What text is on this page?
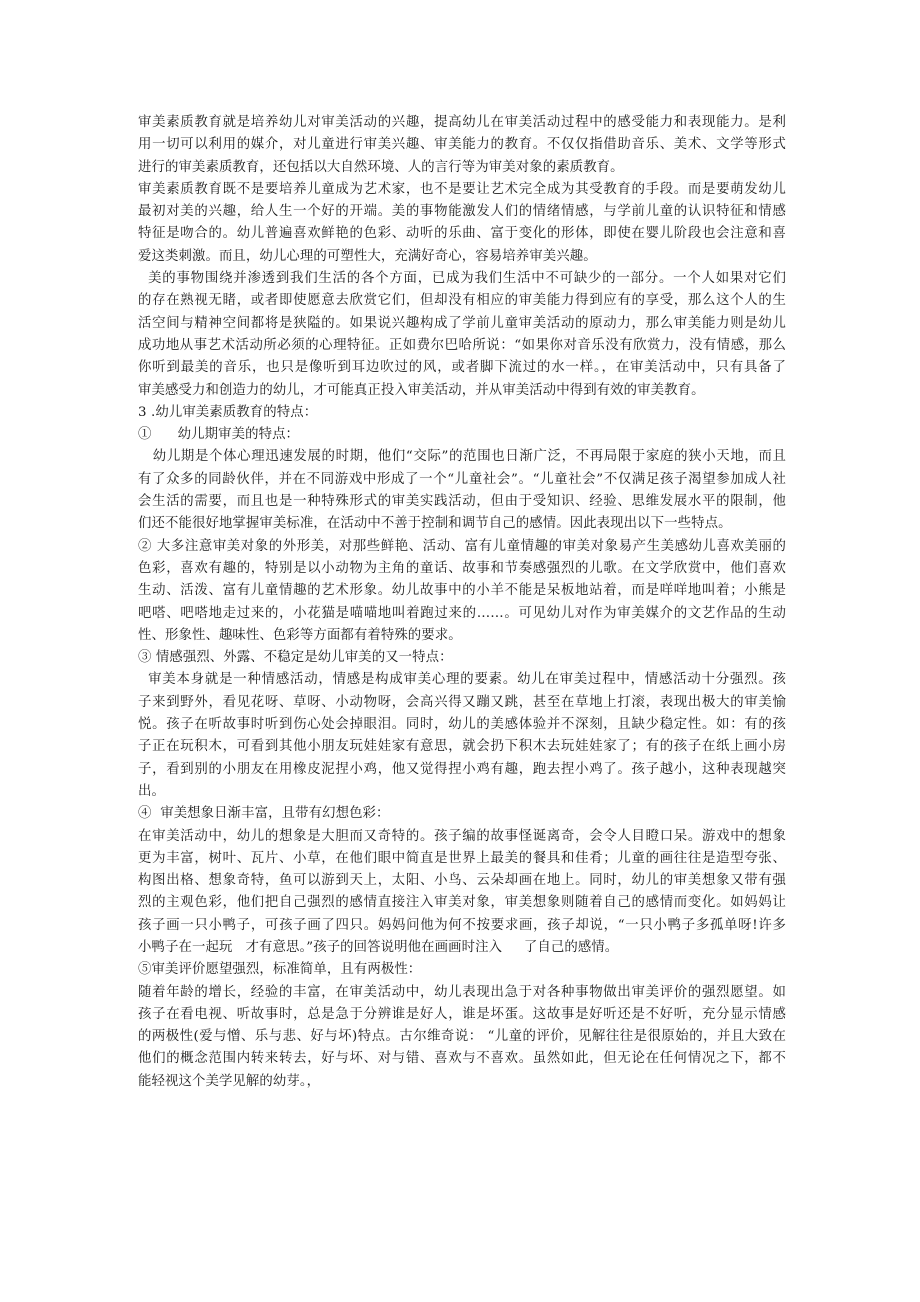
审美素质教育就是培养幼儿对审美活动的兴趣，提高幼儿在审美活动过程中的感受能力和表现能力。是利
用一切可以利用的媒介，对儿童进行审美兴趣、审美能力的教育。不仅仅指借助音乐、美术、文学等形式
进行的审美素质教育，还包括以大自然环境、人的言行等为审美对象的素质教育。
审美素质教育既不是要培养儿童成为艺术家，也不是要让艺术完全成为其受教育的手段。而是要萌发幼儿
最初对美的兴趣，给人生一个好的开端。美的事物能激发人们的情绪情感，与学前儿童的认识特征和情感
特征是吻合的。幼儿普遍喜欢鲜艳的色彩、动听的乐曲、富于变化的形体，即使在婴儿阶段也会注意和喜
爱这类刺激。而且，幼儿心理的可塑性大，充满好奇心，容易培养审美兴趣。
美的事物围绕并渗透到我们生活的各个方面，已成为我们生活中不可缺少的一部分。一个人如果对它们
的存在熟视无睹，或者即使愿意去欣赏它们，但却没有相应的审美能力得到应有的享受，那么这个人的生
活空间与精神空间都将是狭隘的。如果说兴趣构成了学前儿童审美活动的原动力，那么审美能力则是幼儿
成功地从事艺术活动所必须的心理特征。正如费尔巴哈所说：“如果你对音乐没有欣赏力，没有情感，那么
你听到最美的音乐，也只是像听到耳边吹过的风，或者脚下流过的水一样。，在审美活动中，只有具备了
审美感受力和创造力的幼儿，才可能真正投入审美活动，并从审美活动中得到有效的审美教育。
3 .幼儿审美素质教育的特点：
①      幼儿期审美的特点：
幼儿期是个体心理迅速发展的时期，他们“交际”的范围也日渐广泛，不再局限于家庭的狭小天地，而且
有了众多的同龄伙伴，并在不同游戏中形成了一个“儿童社会”。“儿童社会”不仅满足孩子渴望参加成人社
会生活的需要，而且也是一种特殊形式的审美实践活动，但由于受知识、经验、思维发展水平的限制，他
们还不能很好地掌握审美标准，在活动中不善于控制和调节自己的感情。因此表现出以下一些特点。
② 大多注意审美对象的外形美，对那些鲜艳、活动、富有儿童情趣的审美对象易产生美感幼儿喜欢美丽的
色彩，喜欢有趣的，特别是以小动物为主角的童话、故事和节奏感强烈的儿歌。在文学欣赏中，他们喜欢
生动、活泼、富有儿童情趣的艺术形象。幼儿故事中的小羊不能是呆板地站着，而是咩咩地叫着；小熊是
吧嗒、吧嗒地走过来的，小花猫是喵喵地叫着跑过来的……。可见幼儿对作为审美媒介的文艺作品的生动
性、形象性、趣味性、色彩等方面都有着特殊的要求。
③ 情感强烈、外露、不稳定是幼儿审美的又一特点：
审美本身就是一种情感活动，情感是构成审美心理的要素。幼儿在审美过程中，情感活动十分强烈。孩
子来到野外，看见花呀、草呀、小动物呀，会高兴得又蹦又跳，甚至在草地上打滚，表现出极大的审美愉
悦。孩子在听故事时听到伤心处会掉眼泪。同时，幼儿的美感体验并不深刻，且缺少稳定性。如：有的孩
子正在玩积木，可看到其他小朋友玩娃娃家有意思，就会扔下积木去玩娃娃家了；有的孩子在纸上画小房
子，看到别的小朋友在用橡皮泥捏小鸡，他又觉得捏小鸡有趣，跑去捏小鸡了。孩子越小，这种表现越突
出。
④  审美想象日渐丰富，且带有幻想色彩：
在审美活动中，幼儿的想象是大胆而又奇特的。孩子编的故事怪诞离奇，会令人目瞪口呆。游戏中的想象
更为丰富，树叶、瓦片、小草，在他们眼中简直是世界上最美的餐具和佳肴；儿童的画往往是造型夸张、
构图出格、想象奇特，鱼可以游到天上，太阳、小鸟、云朵却画在地上。同时，幼儿的审美想象又带有强
烈的主观色彩，他们把自己强烈的感情直接注入审美对象，审美想象则随着自己的感情而变化。如妈妈让
孩子画一只小鸭子，可孩子画了四只。妈妈问他为何不按要求画，孩子却说，“一只小鸭子多孤单呀!许多
小鸭子在一起玩   才有意思。”孩子的回答说明他在画画时注入     了自己的感情。
⑤审美评价愿望强烈，标准简单，且有两极性：
随着年龄的增长，经验的丰富，在审美活动中，幼儿表现出急于对各种事物做出审美评价的强烈愿望。如
孩子在看电视、听故事时，总是急于分辨谁是好人，谁是坏蛋。这故事是好听还是不好听，充分显示情感
的两极性(爱与憎、乐与悲、好与坏)特点。古尔维奇说： “儿童的评价，见解往往是很原始的，并且大致在
他们的概念范围内转来转去，好与坏、对与错、喜欢与不喜欢。虽然如此，但无论在任何情况之下，都不
能轻视这个美学见解的幼芽。，
